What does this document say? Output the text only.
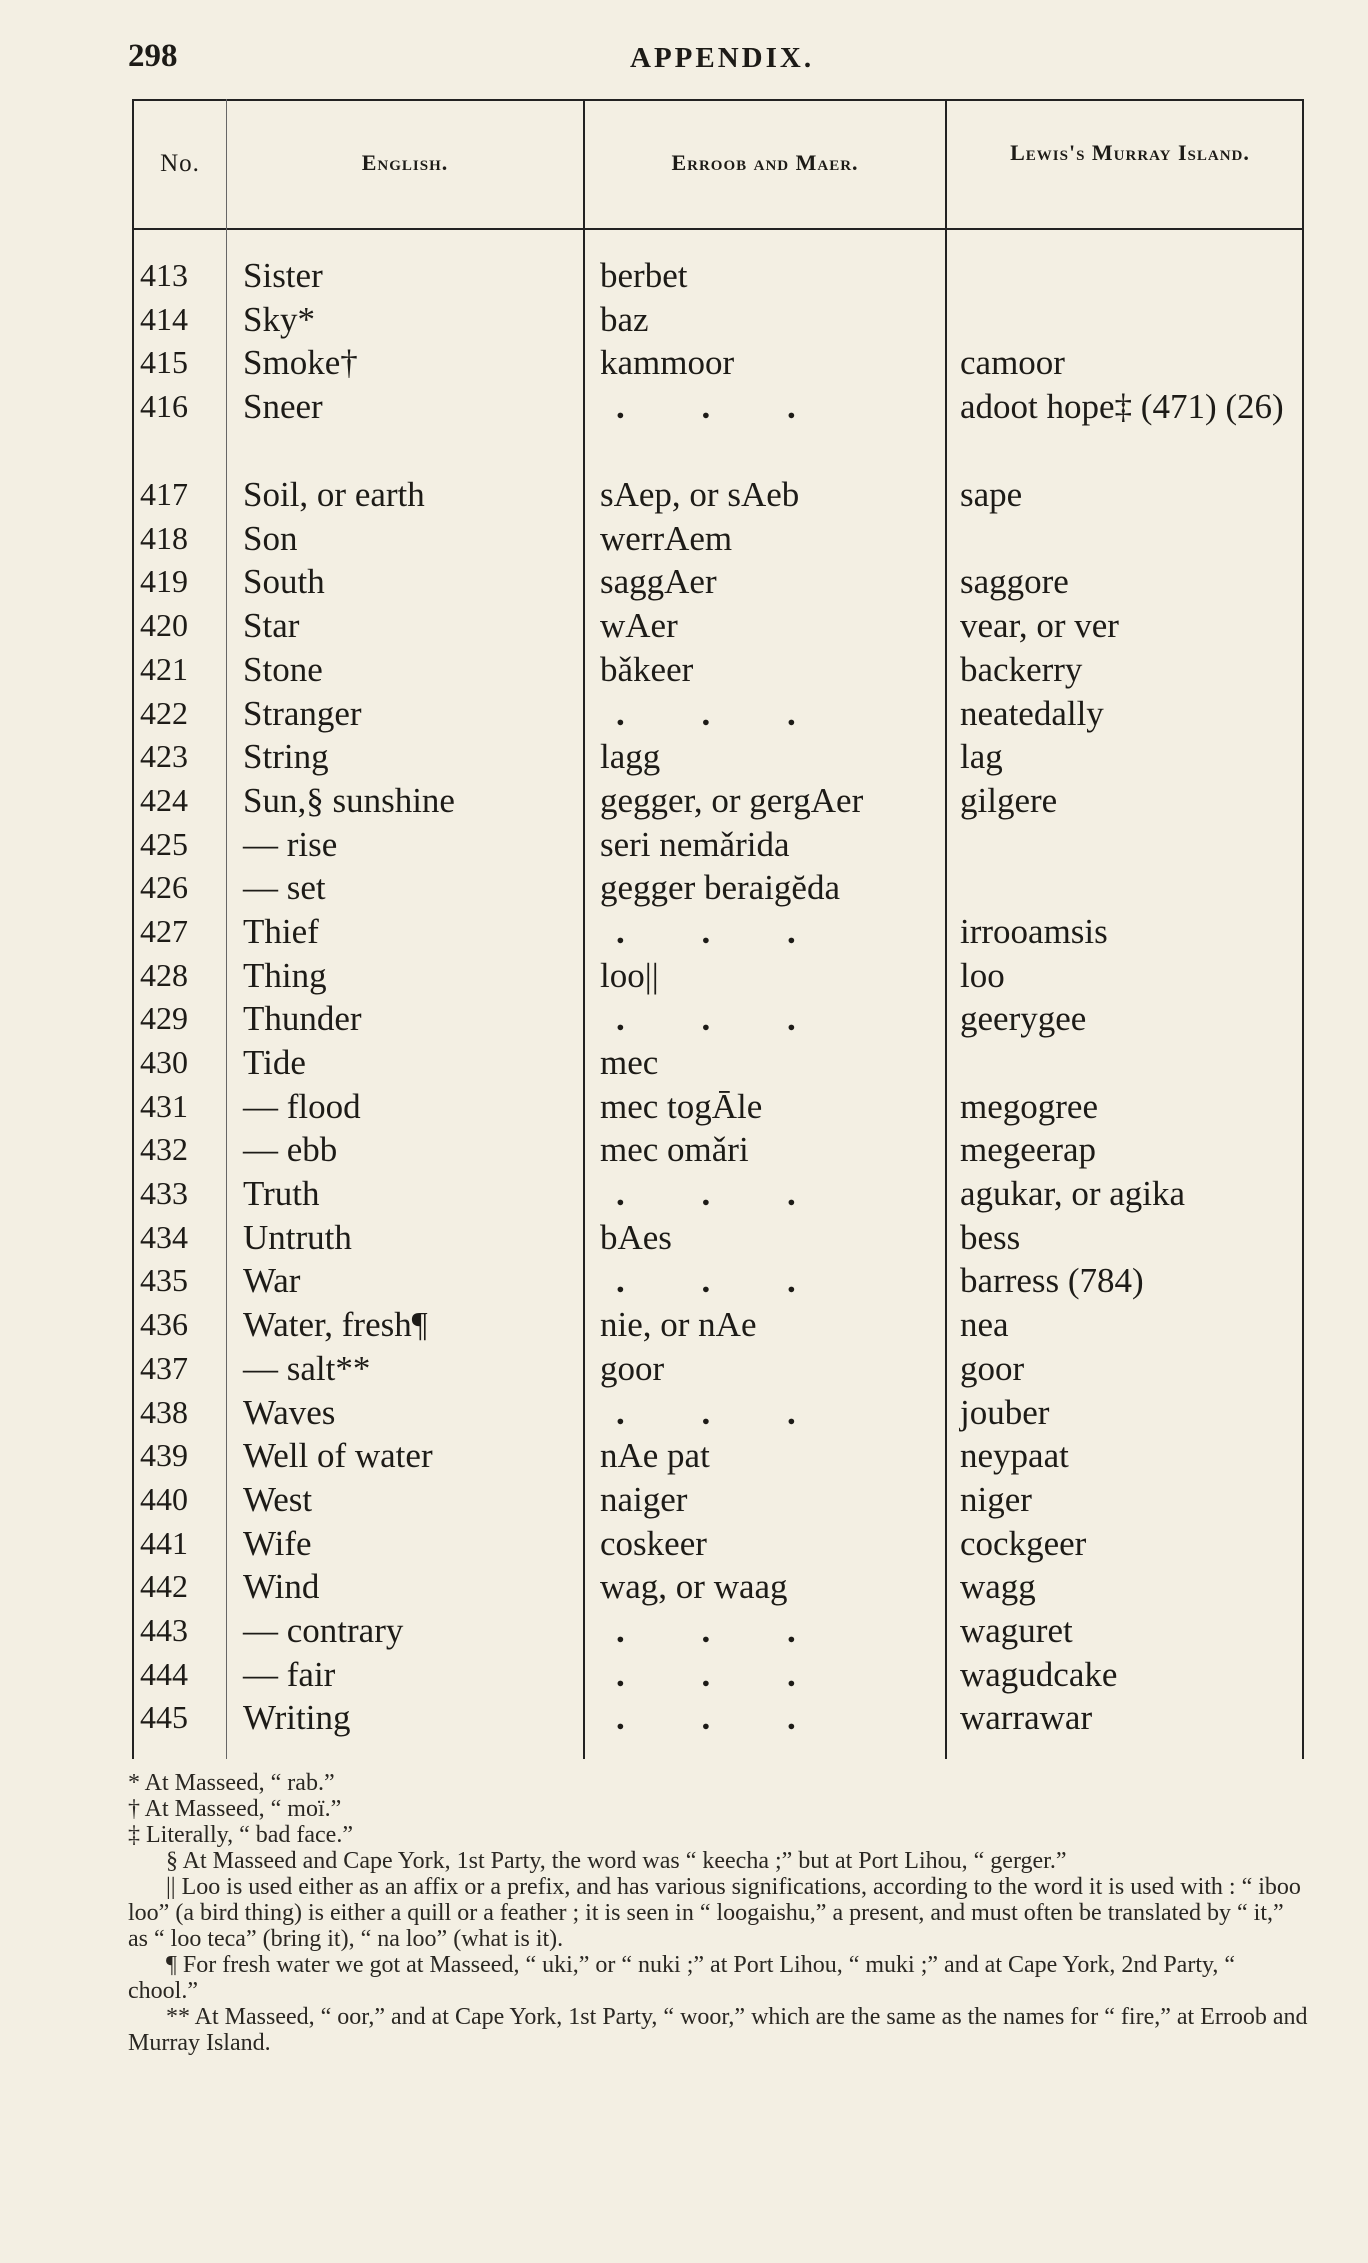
298	APPENDIX.
No.	English.	Erroob and Maer.	Lewis's Murray Island.
413	Sister	berbet
414	Sky*	baz
415	Smoke†	kammoor	camoor
416	Sneer	. . .	adoot hope‡ (471) (26)
417	Soil, or earth	sAep, or sAeb	sape
418	Son	werrAem
419	South	saggAer	saggore
420	Star	wAer	vear, or ver
421	Stone	bǎkeer	backerry
422	Stranger	. . .	neatedally
423	String	lagg	lag
424	Sun,§ sunshine	gegger, or gergAer	gilgere
425	— rise	seri nemǎrida
426	— set	gegger beraigĕda
427	Thief	. . .	irrooamsis
428	Thing	loo||	loo
429	Thunder	. . .	geerygee
430	Tide	mec
431	— flood	mec togĀle	megogree
432	— ebb	mec omǎri	megeerap
433	Truth	. . .	agukar, or agika
434	Untruth	bAes	bess
435	War	. . .	barress (784)
436	Water, fresh¶	nie, or nAe	nea
437	— salt**	goor	goor
438	Waves	. . .	jouber
439	Well of water	nAe pat	neypaat
440	West	naiger	niger
441	Wife	coskeer	cockgeer
442	Wind	wag, or waag	wagg
443	— contrary	. . .	waguret
444	— fair	. . .	wagudcake
445	Writing	. . .	warrawar

* At Masseed, “ rab.”

† At Masseed, “ moï.”

‡ Literally, “ bad face.”

§ At Masseed and Cape York, 1st Party, the word was “ keecha ;” but at Port Lihou, “ gerger.”

|| Loo is used either as an affix or a prefix, and has various significations, according to the word it is used with : “ iboo loo” (a bird thing) is either a quill or a feather ; it is seen in “ loogaishu,” a present, and must often be translated by “ it,” as “ loo teca” (bring it), “ na loo” (what is it).

¶ For fresh water we got at Masseed, “ uki,” or “ nuki ;” at Port Lihou, “ muki ;” and at Cape York, 2nd Party, “ chool.”

** At Masseed, “ oor,” and at Cape York, 1st Party, “ woor,” which are the same as the names for “ fire,” at Erroob and Murray Island.
